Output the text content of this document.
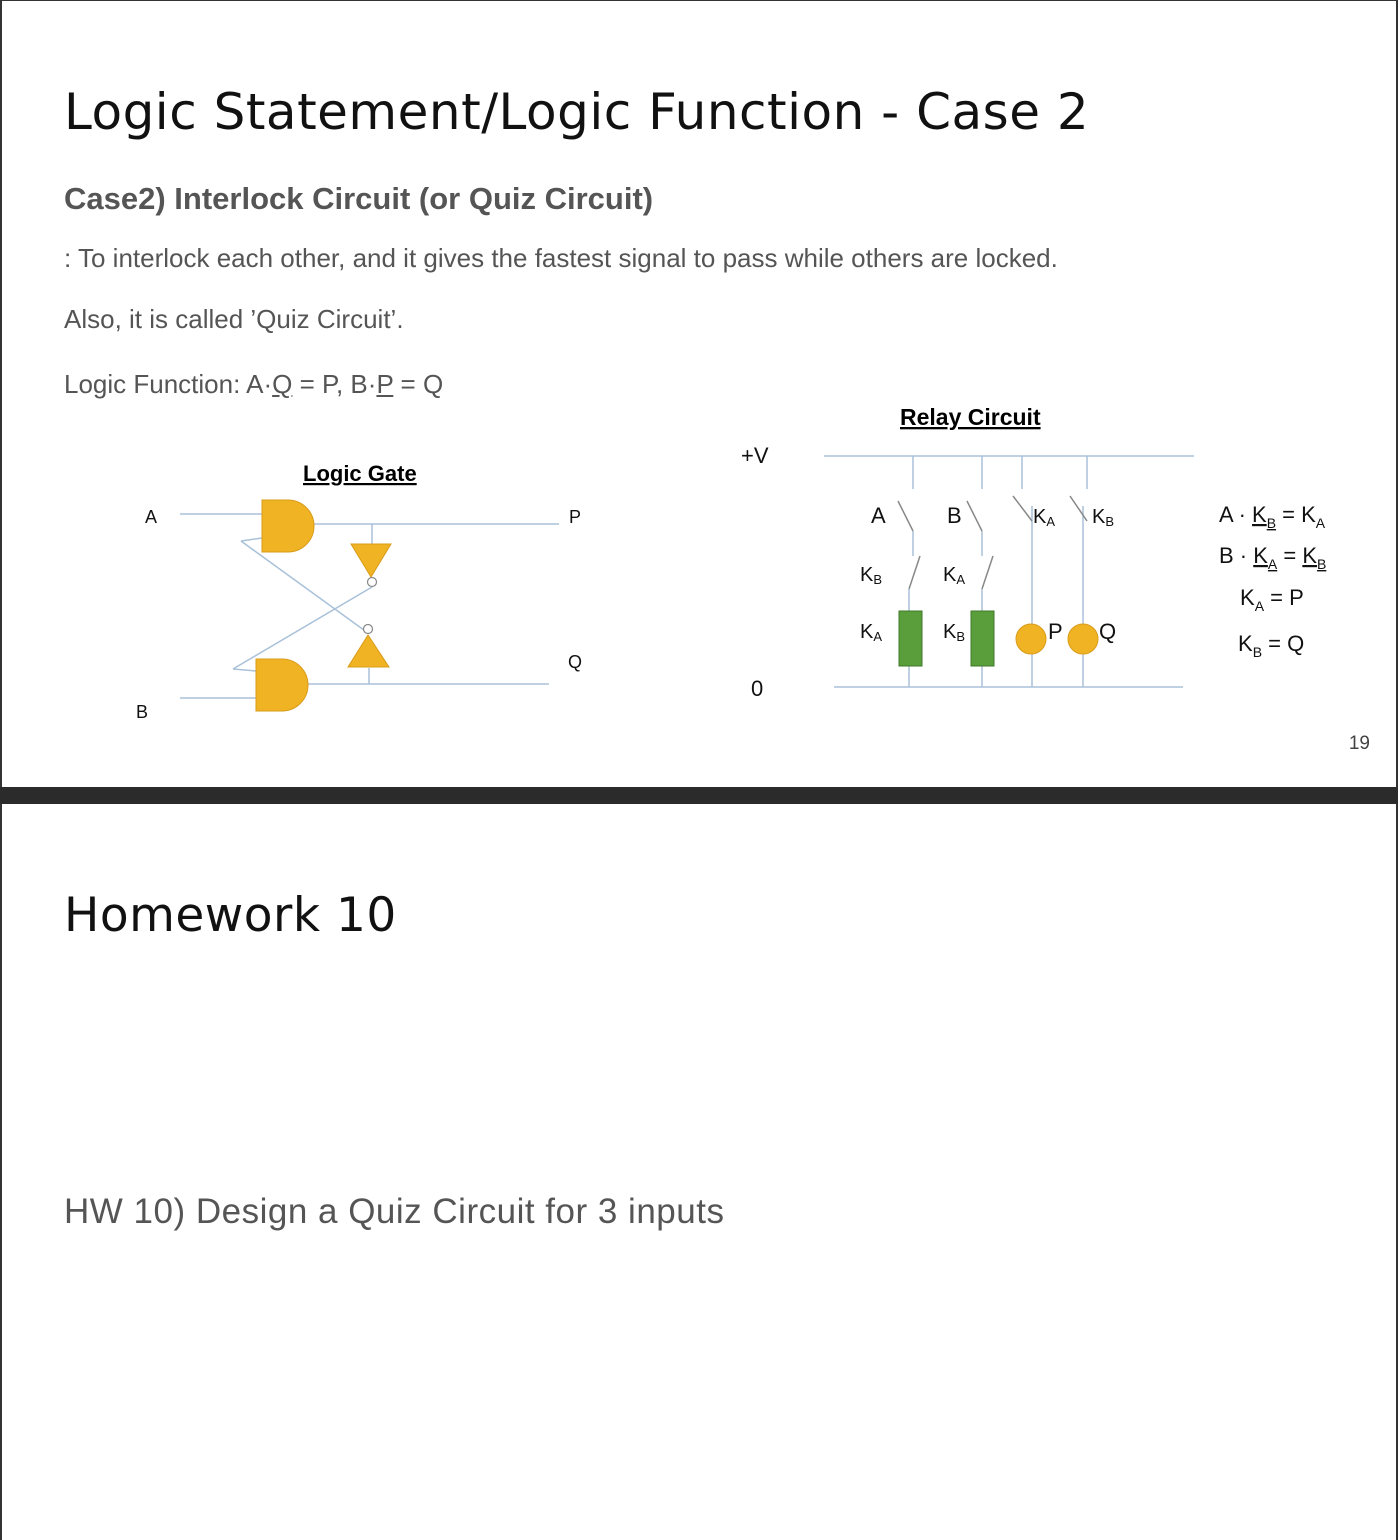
Logic Statement/Logic Function - Case 2

Case2) Interlock Circuit (or Quiz Circuit)

: To interlock each other, and it gives the fastest signal to pass while others are locked.

Also, it is called ’Quiz Circuit’.

Logic Function: A·Q = P, B·P = Q

Logic Gate
A
B
P
Q
Relay Circuit
+V
0
A	B	KA KB
KB	KA
KA	KB	P Q
$A \cdot K_B = K_A$
$B \cdot K_A = K_B$
$K_A = P$
$K_B = Q$
19
Homework 10

HW 10) Design a Quiz Circuit for 3 inputs
